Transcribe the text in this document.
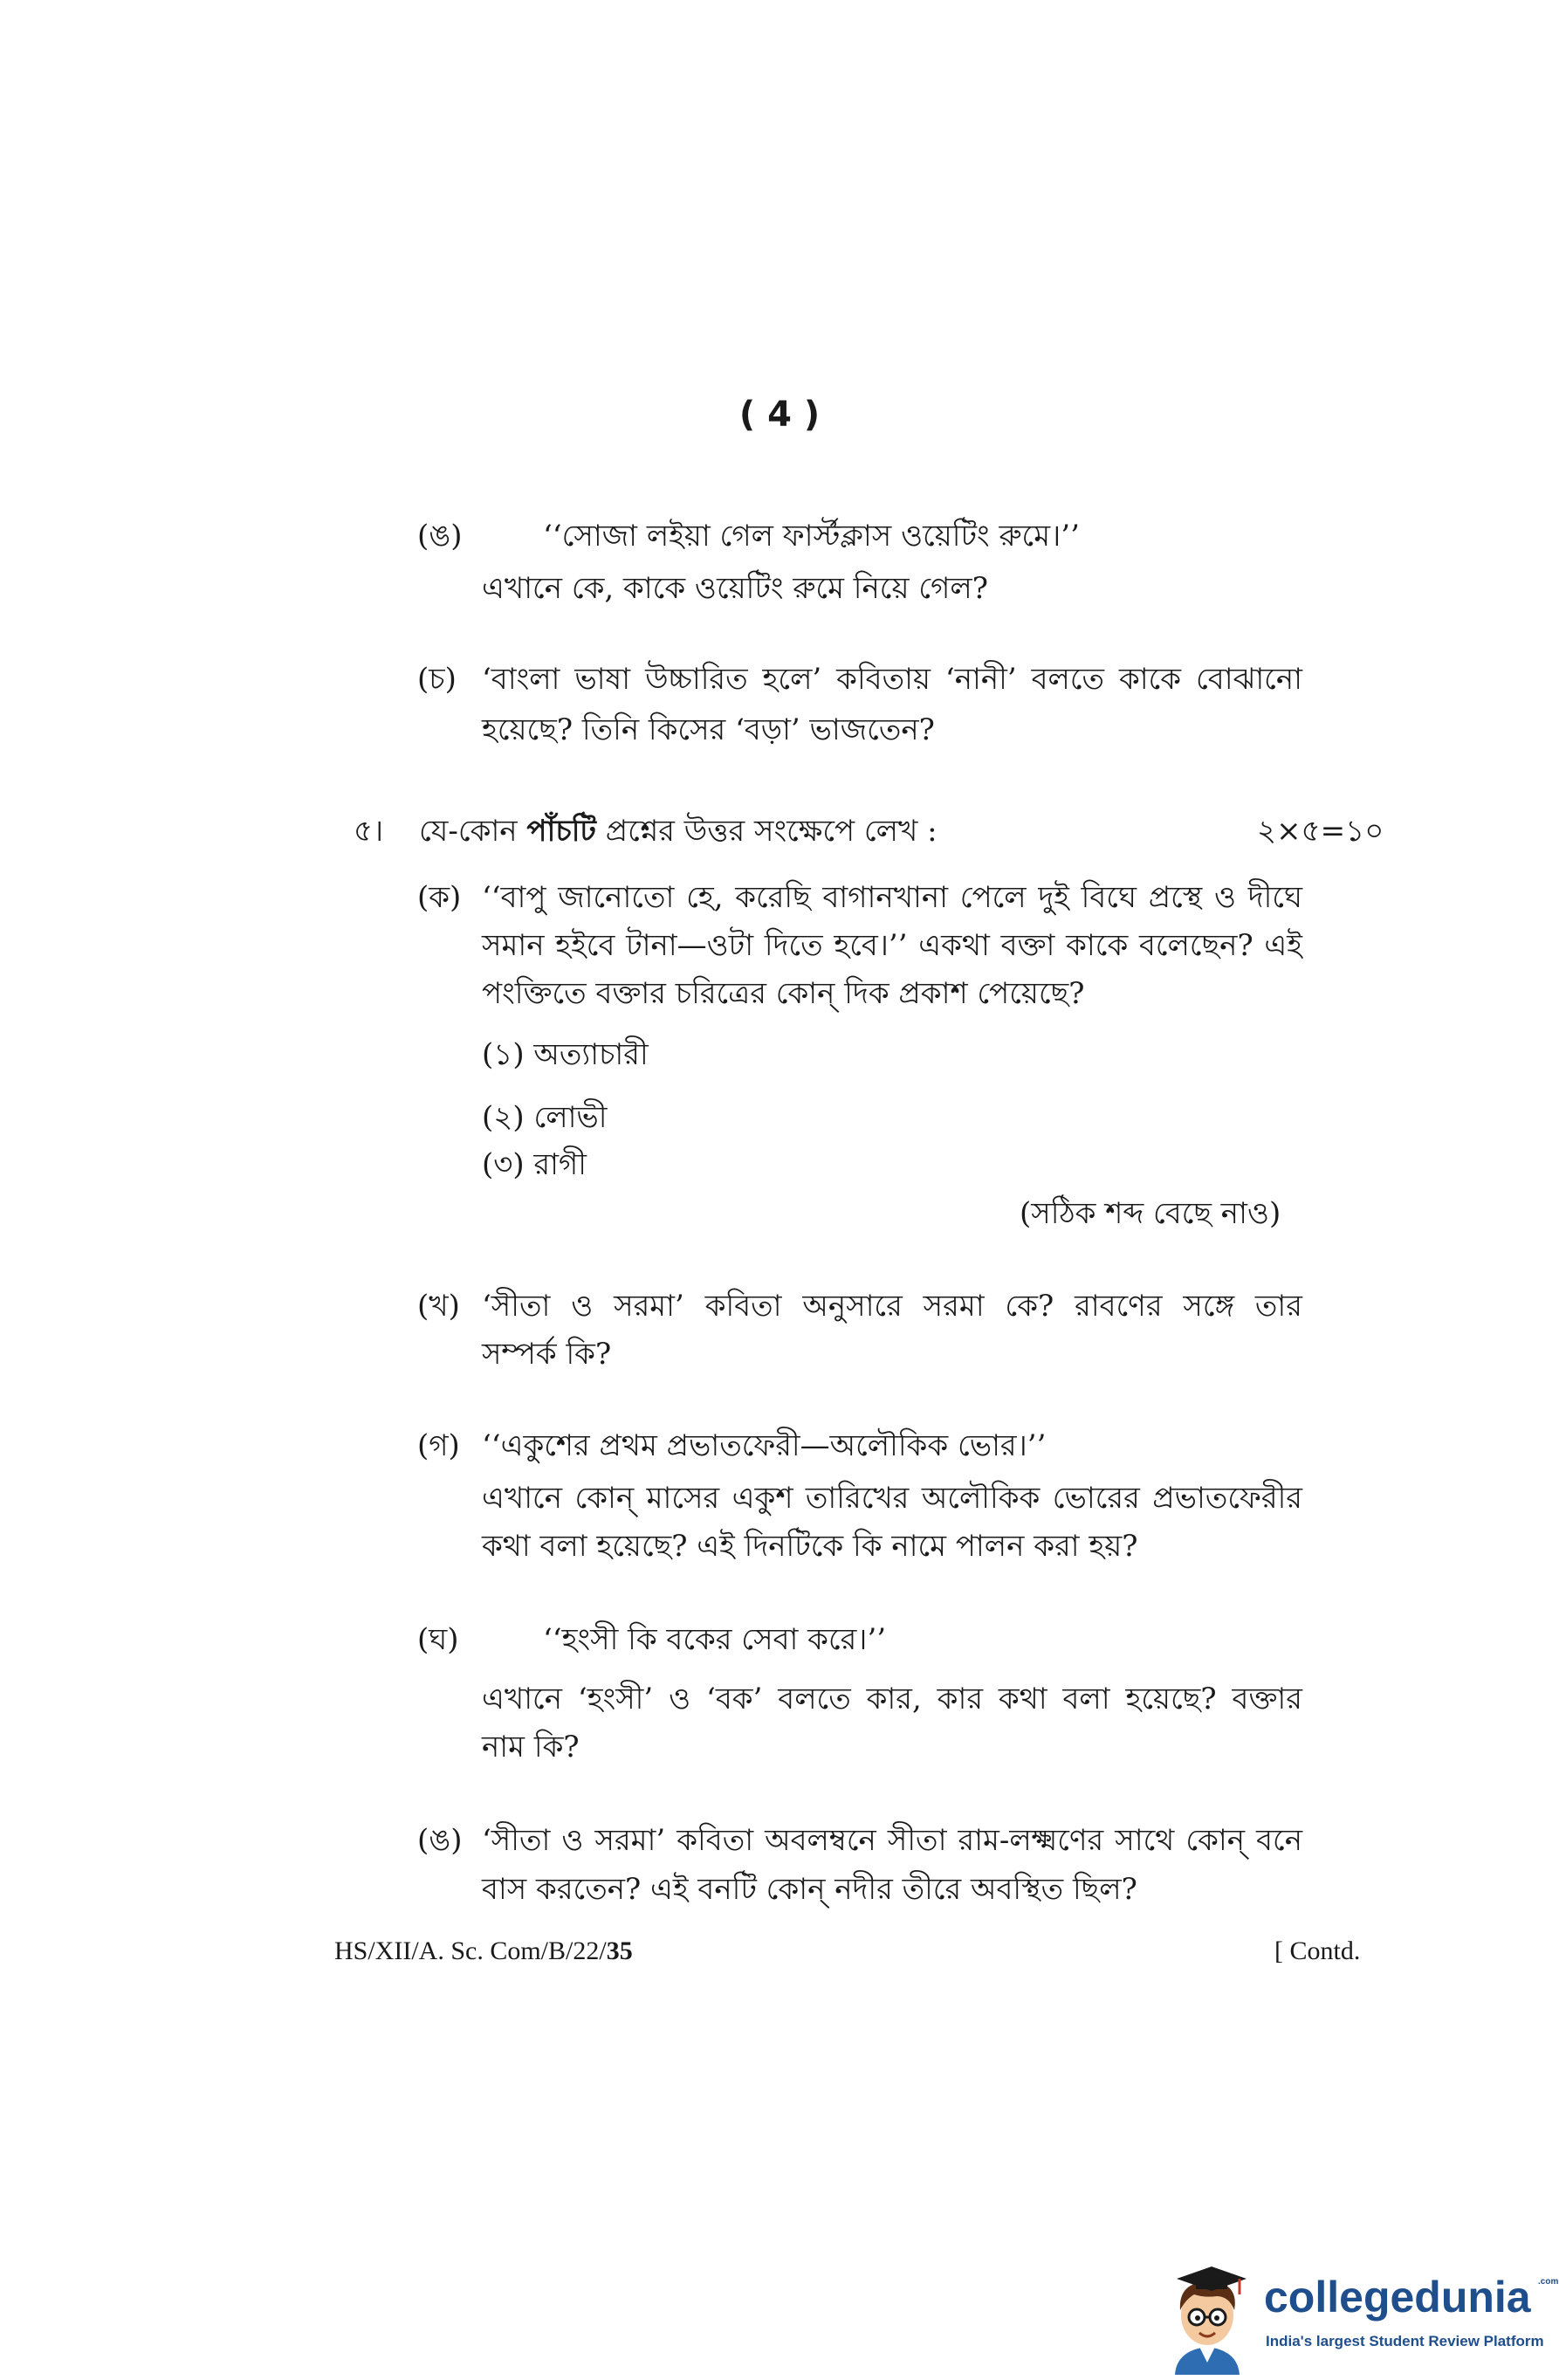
( 4 )
(ঙ)	‘‘সোজা লইয়া গেল ফার্স্টক্লাস ওয়েটিং রুমে।’’
এখানে কে, কাকে ওয়েটিং রুমে নিয়ে গেল?
(চ) ‘বাংলা ভাষা উচ্চারিত হলে’ কবিতায় ‘নানী’ বলতে কাকে বোঝানো
হয়েছে? তিনি কিসের ‘বড়া’ ভাজতেন?
৫। যে-কোন পাঁচটি প্রশ্নের উত্তর সংক্ষেপে লেখ :	২×৫=১০
(ক) ‘‘বাপু জানোতো হে, করেছি বাগানখানা পেলে দুই বিঘে প্রস্থে ও দীঘে
সমান হইবে টানা—ওটা দিতে হবে।’’ একথা বক্তা কাকে বলেছেন? এই
পংক্তিতে বক্তার চরিত্রের কোন্ দিক প্রকাশ পেয়েছে?
(১) অত্যাচারী
(২) লোভী
(৩) রাগী
(সঠিক শব্দ বেছে নাও)
(খ) ‘সীতা ও সরমা’ কবিতা অনুসারে সরমা কে? রাবণের সঙ্গে তার
সম্পর্ক কি?
(গ) ‘‘একুশের প্রথম প্রভাতফেরী—অলৌকিক ভোর।’’
এখানে কোন্ মাসের একুশ তারিখের অলৌকিক ভোরের প্রভাতফেরীর
কথা বলা হয়েছে? এই দিনটিকে কি নামে পালন করা হয়?
(ঘ)	‘‘হংসী কি বকের সেবা করে।’’
এখানে ‘হংসী’ ও ‘বক’ বলতে কার, কার কথা বলা হয়েছে? বক্তার
নাম কি?
(ঙ) ‘সীতা ও সরমা’ কবিতা অবলম্বনে সীতা রাম-লক্ষ্মণের সাথে কোন্ বনে
বাস করতেন? এই বনটি কোন্ নদীর তীরে অবস্থিত ছিল?
HS/XII/A. Sc. Com/B/22/35	[ Contd.
collegedunia .com
India's largest Student Review Platform
